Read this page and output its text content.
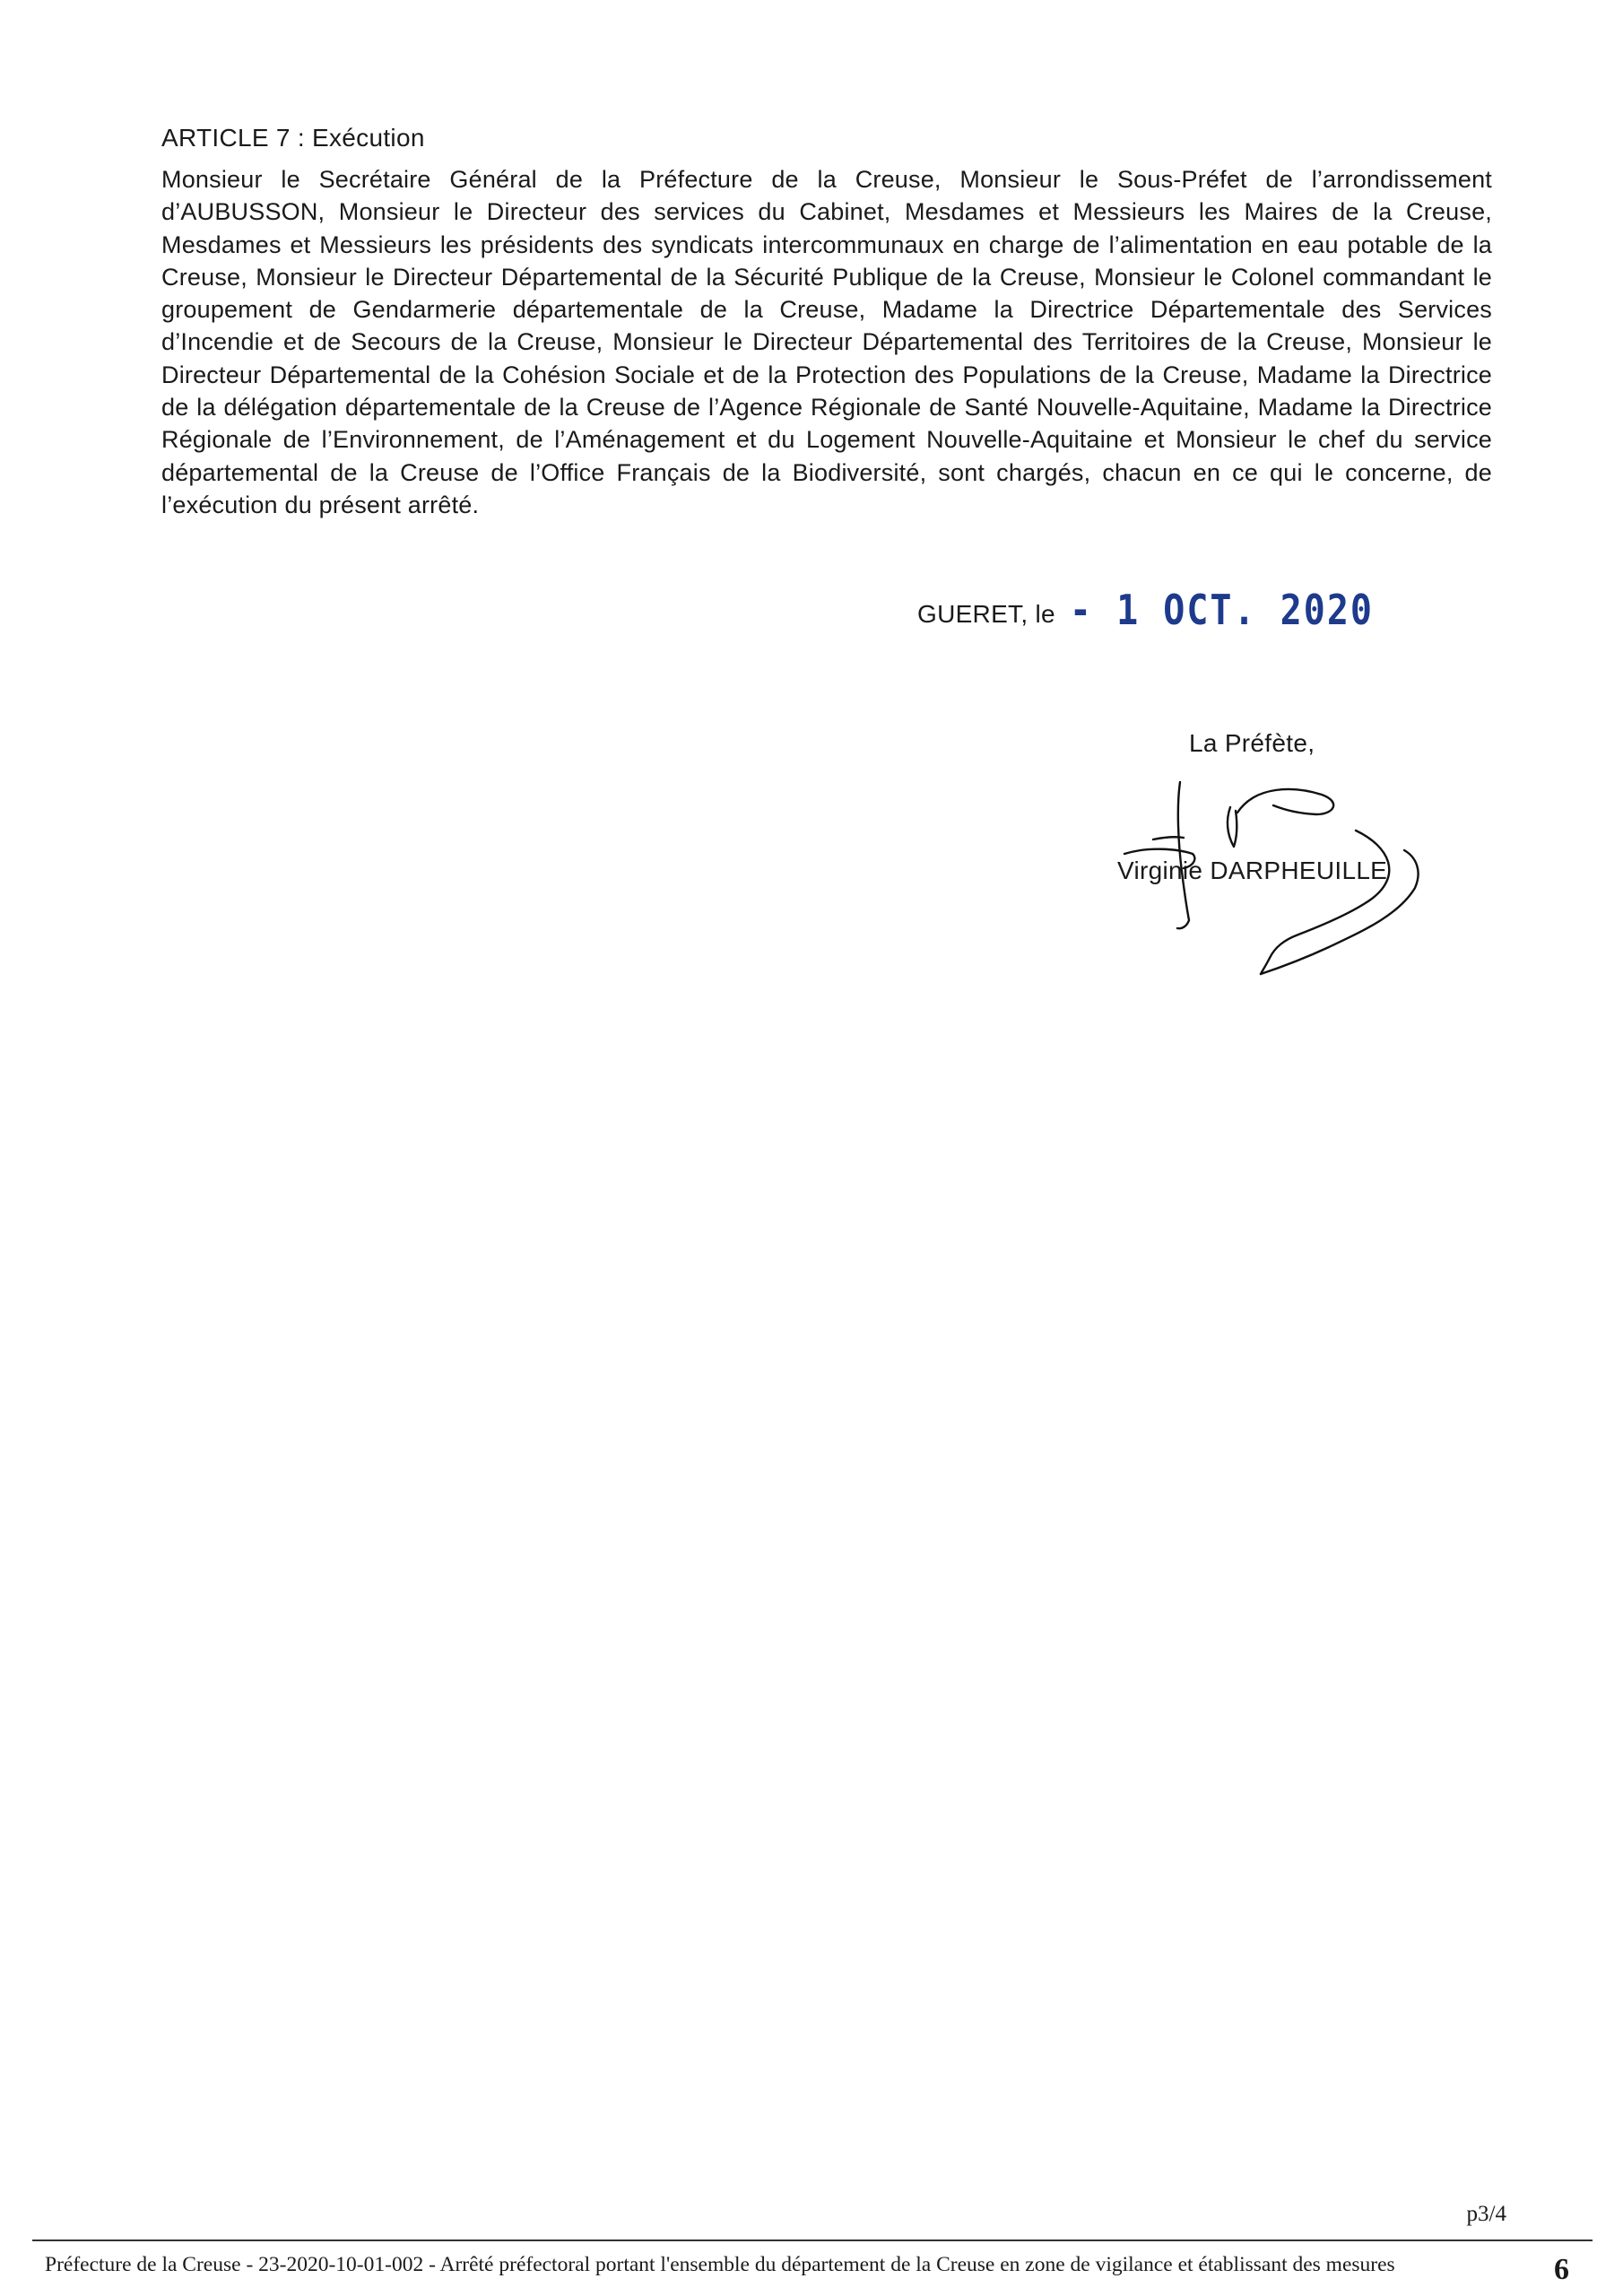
ARTICLE 7 : Exécution
Monsieur le Secrétaire Général de la Préfecture de la Creuse, Monsieur le Sous-Préfet de l’arrondissement d’AUBUSSON, Monsieur le Directeur des services du Cabinet, Mesdames et Messieurs les Maires de la Creuse, Mesdames et Messieurs les présidents des syndicats intercommunaux en charge de l’alimentation en eau potable de la Creuse, Monsieur le Directeur Départemental de la Sécurité Publique de la Creuse, Monsieur le Colonel commandant le groupement de Gendarmerie départementale de la Creuse, Madame la Directrice Départementale des Services d’Incendie et de Secours de la Creuse, Monsieur le Directeur Départemental des Territoires de la Creuse, Monsieur le Directeur Départemental de la Cohésion Sociale et de la Protection des Populations de la Creuse, Madame la Directrice de la délégation départementale de la Creuse de l’Agence Régionale de Santé Nouvelle-Aquitaine, Madame la Directrice Régionale de l’Environnement, de l’Aménagement et du Logement Nouvelle-Aquitaine et Monsieur le chef du service départemental de la Creuse de l’Office Français de la Biodiversité, sont chargés, chacun en ce qui le concerne, de l’exécution du présent arrêté.
GUERET, le - 1 OCT. 2020
La Préfète,
Virginie DARPHEUILLE
p3/4
Préfecture de la Creuse - 23-2020-10-01-002 - Arrêté préfectoral portant l'ensemble du département de la Creuse en zone de vigilance et établissant des mesures	6
